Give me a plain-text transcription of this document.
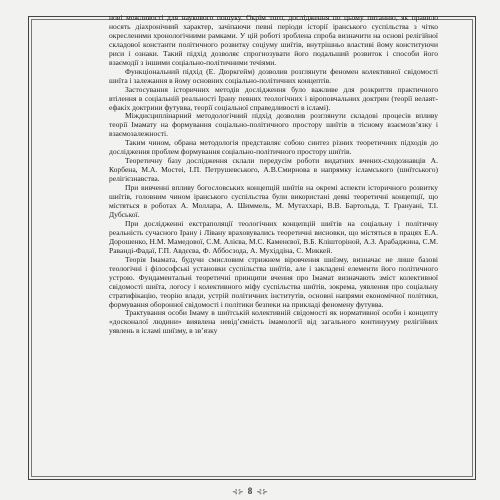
нові можливості для наукового пошуку. Окрім того, дослідження по цьому питанню, як правило носять діахронічний характер, зачіпаючи певні періоди історії іранського суспільства з чітко окресленими хронологічними рамками. У цій роботі зроблена спроба визначити на основі релігійної складової константи політичного розвитку соціуму шиїтів, внутрішньо властиві йому конституючи риси і ознаки. Такий підхід дозволяє спрогнозувати його подальший розвиток і способи його взаємодії з іншими соціально-політичними течіями.

Функціональний підхід (Е. Дюркгейм) дозволив розглянути феномен колективної свідомості шиїта і залежання в йому основних соціально-політичних концептів.

Застосування історичних методів дослідження було важливе для розкриття практичного втілення в соціальній реальності Ірану певних теологічних і віроповчальних доктрин (теорії велаят-ефакіх доктрини футувва, теорії соціальної справедливості в ісламі).

Міждисциплінарний методологічний підхід дозволив розглянути складові процесів впливу теорії Імамату на формування соціально-політичного простору шиїтів в тісному взаємозв’язку і взаємозалежності.

Таким чином, обрана методологія представляє собою синтез різних теоретичних підходів до дослідження проблем формування соціально-політичного простору шиїтів.

Теоретичну базу дослідження склали передусім роботи видатних вчених-сходознавців А. Корбена, М.А. Мостеі, І.П. Петрушевського, А.В.Смирнова в напрямку ісламського (шиїтського) релігієзнавства.

При вивченні впливу богословських концепцій шиїтів на окремі аспекти історичного розвитку шиїтів, головним чином іранського суспільства були використані деякі теоретичні концепції, що містяться в роботах А. Моллара, А. Шиммель, М. Мутаххарі, В.В. Бартольда, Т. Грануані, Т.І. Дубської.

При дослідженні екстраполяції теологічних концепцій шиїтів на соціальну і політичну реальність сучасного Ірану і Лівану враховувались теоретичні висновки, що містяться в працях Е.А. Дорошенко, Н.М. Мамедової, С.М. Алієва, М.С. Каменєвої, В.Б. Кліштоpiной, А.З. Арабаджина, С.М. Раванді-Фадаї, Г.П. Авдєєва, Ф. Аббосзода, А. Мухіддіна, С. Миккей.

Теорія Імамата, будучи смисловим стрижнем віровчення шиїзму, визначає не лише базові теологічні і філософські установки суспільства шиїтів, але і закладені елементи його політичного устрою. Фундаментальні теоретичні принципи вчення про Імамат визначають зміст колективної свідомості шиїта, логосу і колективного міфу суспільства шиїтів, зокрема, уявлення про соціальну стратифікацію, теорію влади, устрій політичних інститутів, основні напрями економічної політики, формування оборонної свідомості і політики безпеки на прикладі феномену футувва.

Трактування особи Імаму в шиїтській колективній свідомості як нормативної особи і концепту «досконалої людини» виявлена невід’ємність імамології від загального континууму релігійних уявлень в ісламі шиїзму, в зв’язку

⊰⊱ 8 ⊰⊱
